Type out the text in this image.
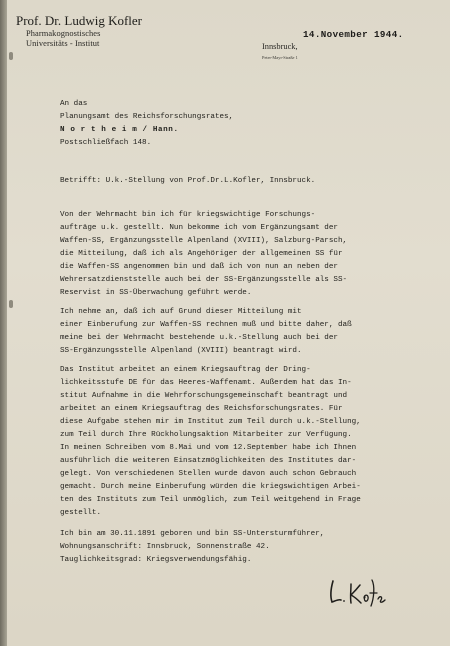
Prof. Dr. Ludwig Kofler
Pharmakognostisches
Universitäts - Institut	Innsbruck,
Peter-Mayr-Straße 1
14.November 1944.
An das
Planungsamt des Reichsforschungsrates,
N o r t h e i m / Hann.
Postschließfach 148.
Betrifft: U.k.-Stellung von Prof.Dr.L.Kofler, Innsbruck.
Von der Wehrmacht bin ich für kriegswichtige Forschungs-
aufträge u.k. gestellt. Nun bekomme ich vom Ergänzungsamt der
Waffen-SS, Ergänzungsstelle Alpenland (XVIII), Salzburg-Parsch,
die Mitteilung, daß ich als Angehöriger der allgemeinen SS für
die Waffen-SS angenommen bin und daß ich von nun an neben der
Wehrersatzdienststelle auch bei der SS-Ergänzungsstelle als SS-
Reservist in SS-Überwachung geführt werde.
Ich nehme an, daß ich auf Grund dieser Mitteilung mit
einer Einberufung zur Waffen-SS rechnen muß und bitte daher, daß
meine bei der Wehrmacht bestehende u.k.-Stellung auch bei der
SS-Ergänzungsstelle Alpenland (XVIII) beantragt wird.
Das Institut arbeitet an einem Kriegsauftrag der Dring-
lichkeitsstufe DE für das Heeres-Waffenamt. Außerdem hat das In-
stitut Aufnahme in die Wehrforschungsgemeinschaft beantragt und
arbeitet an einem Kriegsauftrag des Reichsforschungsrates. Für
diese Aufgabe stehen mir im Institut zum Teil durch u.k.-Stellung,
zum Teil durch Ihre Rückholungsaktion Mitarbeiter zur Verfügung.
In meinen Schreiben vom 8.Mai und vom 12.September habe ich Ihnen
ausführlich die weiteren Einsatzmöglichkeiten des Institutes dar-
gelegt. Von verschiedenen Stellen wurde davon auch schon Gebrauch
gemacht. Durch meine Einberufung würden die kriegswichtigen Arbei-
ten des Instituts zum Teil unmöglich, zum Teil weitgehend in Frage
gestellt.
Ich bin am 30.11.1891 geboren und bin SS-Untersturmführer,
Wohnungsanschrift: Innsbruck, Sonnenstraße 42.
Tauglichkeitsgrad: Kriegsverwendungsfähig.
